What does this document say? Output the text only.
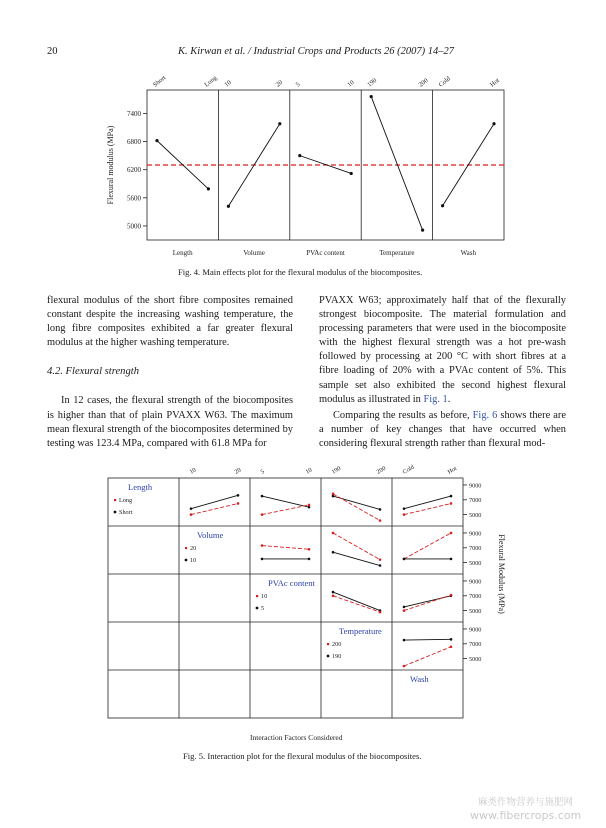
20	K. Kirwan et al. / Industrial Crops and Products 26 (2007) 14–27
5000
5600
6200
6800
7400
Flexural modulus (MPa)
Short	Long
Length
10	20
Volume
5	10
PVAc content
190	200
Temperature
Cold	Hot
Wash
Fig. 4. Main effects plot for the flexural modulus of the biocomposites.

flexural modulus of the short fibre composites remained constant despite the increasing washing temperature, the long fibre composites exhibited a far greater flexural modulus at the higher washing temperature.

4.2. Flexural strength

In 12 cases, the flexural strength of the biocomposites is higher than that of plain PVAXX W63. The maximum mean flexural strength of the biocomposites determined by testing was 123.4 MPa, compared with 61.8 MPa for

PVAXX W63; approximately half that of the flexurally strongest biocomposite. The material formulation and processing parameters that were used in the biocomposite with the highest flexural strength was a hot pre-wash followed by processing at 200 °C with short fibres at a fibre loading of 20% with a PVAc content of 5%. This sample set also exhibited the second highest flexural modulus as illustrated in Fig. 1.

Comparing the results as before, Fig. 6 shows there are a number of key changes that have occurred when considering flexural strength rather than flexural mod-

10	20	5	10	190	200 Cold	Hot
Length
Long
Short
Volume
20
10
PVAc content
10
5
Temperature
200
190
Wash
5000
7000
9000
5000
7000
9000
5000
7000
9000
5000
7000
9000
Flexural Modulus (MPa)
Interaction Factors Considered
Fig. 5. Interaction plot for the flexural modulus of the biocomposites.
麻类作物营养与施肥网
www.fibercrops.com
